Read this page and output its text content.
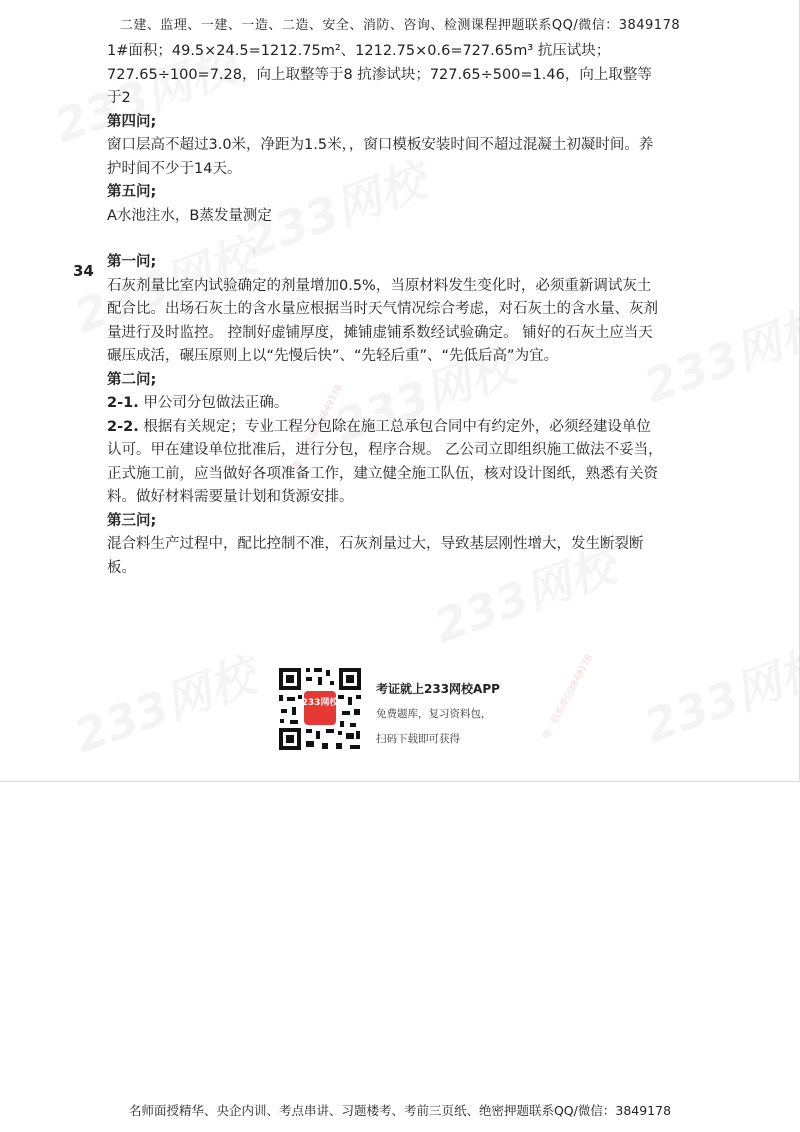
二建、监理、一建、一造、二造、安全、消防、咨询、检测课程押题联系QQ/微信：3849178
唯一联系微信3849178
唯一联系微信3849178

1#面积；49.5×24.5=1212.75m²、1212.75×0.6=727.65m³ 抗压试块；

727.65÷100=7.28，向上取整等于8 抗渗试块；727.65÷500=1.46，向上取整等

于2

第四问;

窗口层高不超过3.0米，净距为1.5米，，窗口模板安装时间不超过混凝土初凝时间。养

护时间不少于14天。

第五问;

A水池注水，B蒸发量测定

第一问;

石灰剂量比室内试验确定的剂量增加0.5%，当原材料发生变化时，必须重新调试灰土

配合比。出场石灰土的含水量应根据当时天气情况综合考虑，对石灰土的含水量、灰剂

量进行及时监控。 控制好虚铺厚度，摊铺虚铺系数经试验确定。 铺好的石灰土应当天

碾压成活，碾压原则上以“先慢后快”、“先轻后重”、“先低后高”为宜。

第二问;

2-1. 甲公司分包做法正确。

2-2. 根据有关规定；专业工程分包除在施工总承包合同中有约定外，必须经建设单位

认可。甲在建设单位批准后，进行分包，程序合规。 乙公司立即组织施工做法不妥当，

正式施工前，应当做好各项准备工作，建立健全施工队伍，核对设计图纸，熟悉有关资

料。做好材料需要量计划和货源安排。

第三问;

混合料生产过程中，配比控制不准，石灰剂量过大，导致基层刚性增大，发生断裂断

板。

34
233网校
考证就上233网校APP
免费题库，复习资料包，
扫码下载即可获得
名师面授精华、央企内训、考点串讲、习题楼考、考前三页纸、绝密押题联系QQ/微信：3849178
